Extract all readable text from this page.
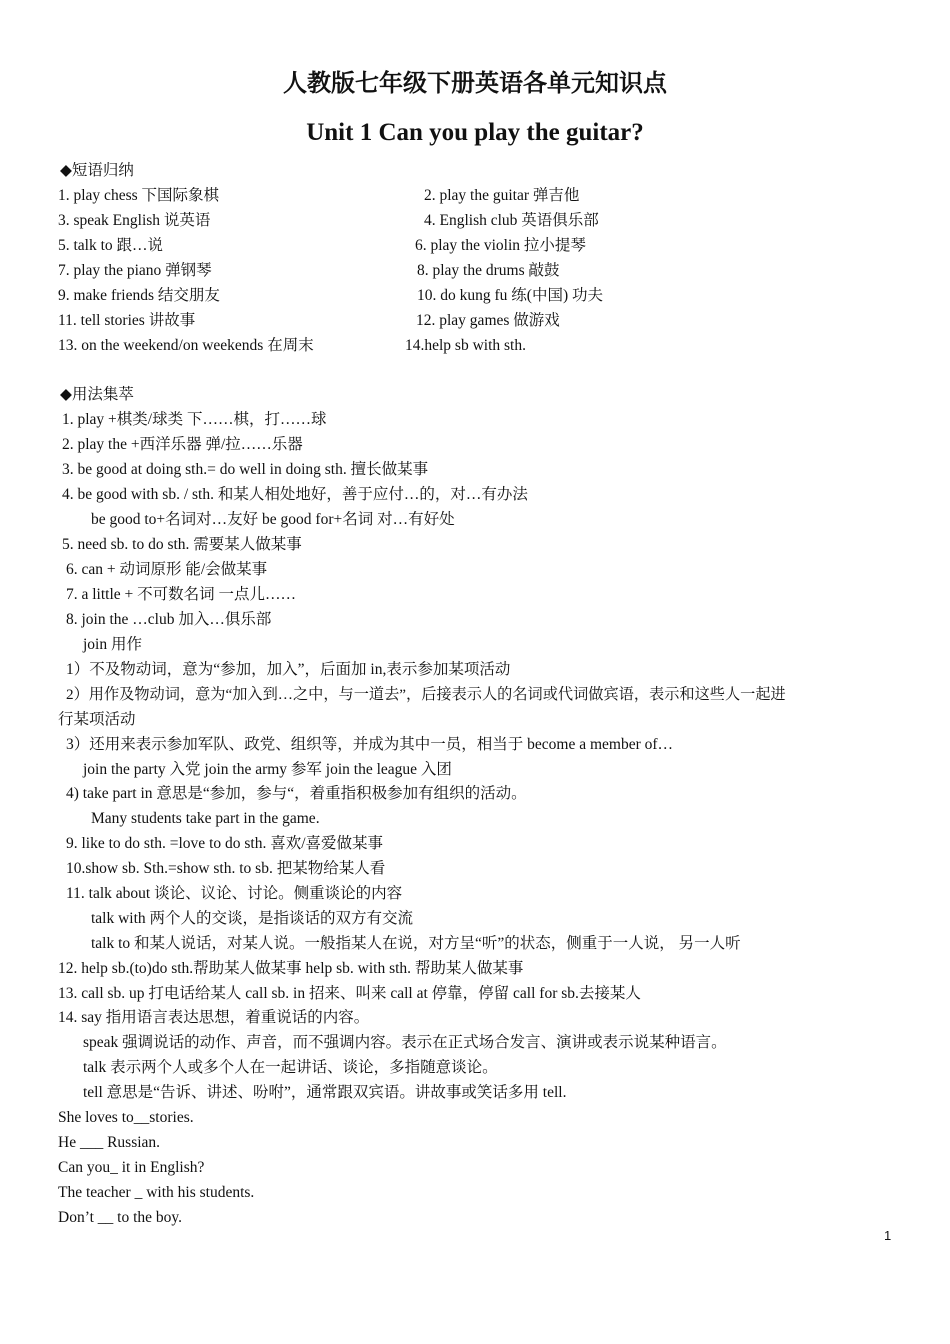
人教版七年级下册英语各单元知识点
Unit 1 Can you play the guitar?
◆短语归纳
1. play chess 下国际象棋	2. play the guitar 弹吉他
3. speak English 说英语	4. English club 英语俱乐部
5. talk to 跟…说	6. play the violin 拉小提琴
7. play the piano 弹钢琴	8. play the drums 敲鼓
9. make friends 结交朋友	10. do kung fu 练(中国) 功夫
11. tell stories 讲故事	12. play games 做游戏
13. on the weekend/on weekends 在周末	14.help sb with sth.
◆用法集萃
1. play +棋类/球类 下……棋，打……球
2. play the +西洋乐器 弹/拉……乐器
3. be good at doing sth.= do well in doing sth. 擅长做某事
4. be good with sb. / sth. 和某人相处地好，善于应付…的，对…有办法
be good to+名词对…友好 be good for+名词 对…有好处
5. need sb. to do sth. 需要某人做某事
6. can + 动词原形 能/会做某事
7. a little + 不可数名词 一点儿……
8. join the …club 加入…俱乐部
join 用作
1）不及物动词，意为“参加，加入”，后面加 in,表示参加某项活动
2）用作及物动词，意为“加入到…之中，与一道去”，后接表示人的名词或代词做宾语，表示和这些人一起进
行某项活动
3）还用来表示参加军队、政党、组织等，并成为其中一员，相当于 become a member of…
join the party 入党 join the army 参军 join the league 入团
4) take part in 意思是“参加，参与“，着重指积极参加有组织的活动。
Many students take part in the game.
9. like to do sth. =love to do sth. 喜欢/喜爱做某事
10.show sb. Sth.=show sth. to sb. 把某物给某人看
11. talk about 谈论、议论、讨论。侧重谈论的内容
talk with 两个人的交谈，是指谈话的双方有交流
talk to 和某人说话，对某人说。一般指某人在说，对方呈“听”的状态，侧重于一人说， 另一人听
12. help sb.(to)do sth.帮助某人做某事 help sb. with sth. 帮助某人做某事
13. call sb. up 打电话给某人 call sb. in 招来、叫来 call at 停靠，停留 call for sb.去接某人
14. say 指用语言表达思想，着重说话的内容。
speak 强调说话的动作、声音，而不强调内容。表示在正式场合发言、演讲或表示说某种语言。
talk 表示两个人或多个人在一起讲话、谈论，多指随意谈论。
tell 意思是“告诉、讲述、吩咐”，通常跟双宾语。讲故事或笑话多用 tell.
She loves to__stories.
He ___ Russian.
Can you_ it in English?
The teacher _ with his students.
Don’t __ to the boy.
1
